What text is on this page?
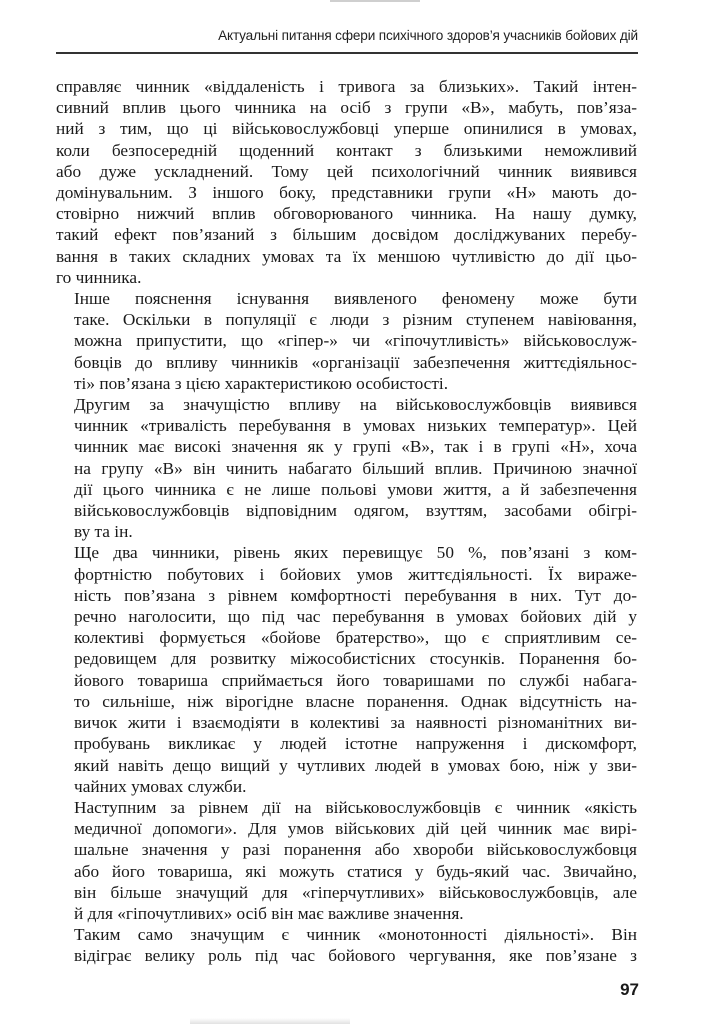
Актуальні питання сфери психічного здоров’я учасників бойових дій
справляє чинник «віддаленість і тривога за близьких». Такий інтен-
сивний вплив цього чинника на осіб з групи «В», мабуть, пов’яза-
ний з тим, що ці військовослужбовці уперше опинилися в умовах,
коли безпосередній щоденний контакт з близькими неможливий
або дуже ускладнений. Тому цей психологічний чинник виявився
домінувальним. З іншого боку, представники групи «Н» мають до-
стовірно нижчий вплив обговорюваного чинника. На нашу думку,
такий ефект пов’язаний з більшим досвідом досліджуваних перебу-
вання в таких складних умовах та їх меншою чутливістю до дії цьо-
го чинника.
Інше пояснення існування виявленого феномену може бути
таке. Оскільки в популяції є люди з різним ступенем навіювання,
можна припустити, що «гіпер-» чи «гіпочутливість» військовослуж-
бовців до впливу чинників «організації забезпечення життєдіяльнос-
ті» пов’язана з цією характеристикою особистості.
Другим за значущістю впливу на військовослужбовців виявився
чинник «тривалість перебування в умовах низьких температур». Цей
чинник має високі значення як у групі «В», так і в групі «Н», хоча
на групу «В» він чинить набагато більший вплив. Причиною значної
дії цього чинника є не лише польові умови життя, а й забезпечення
військовослужбовців відповідним одягом, взуттям, засобами обігрі-
ву та ін.
Ще два чинники, рівень яких перевищує 50 %, пов’язані з ком-
фортністю побутових і бойових умов життєдіяльності. Їх виражe-
ність пов’язана з рівнем комфортності перебування в них. Тут до-
речно наголосити, що під час перебування в умовах бойових дій у
колективі формується «бойове братерство», що є сприятливим се-
редовищем для розвитку міжособистісних стосунків. Поранення бо-
йового товариша сприймається його товаришами по службі набага-
то сильніше, ніж вірогідне власне поранення. Однак відсутність на-
вичок жити і взаємодіяти в колективі за наявності різноманітних ви-
пробувань викликає у людей істотне напруження і дискомфорт,
який навіть дещо вищий у чутливих людей в умовах бою, ніж у зви-
чайних умовах служби.
Наступним за рівнем дії на військовослужбовців є чинник «якість
медичної допомоги». Для умов військових дій цей чинник має вирі-
шальне значення у разі поранення або хвороби військовослужбовця
або його товариша, які можуть статися у будь-який час. Звичайно,
він більше значущий для «гіперчутливих» військовослужбовців, але
й для «гіпочутливих» осіб він має важливе значення.
Таким само значущим є чинник «монотонності діяльності». Він
відіграє велику роль під час бойового чергування, яке пов’язане з
97
